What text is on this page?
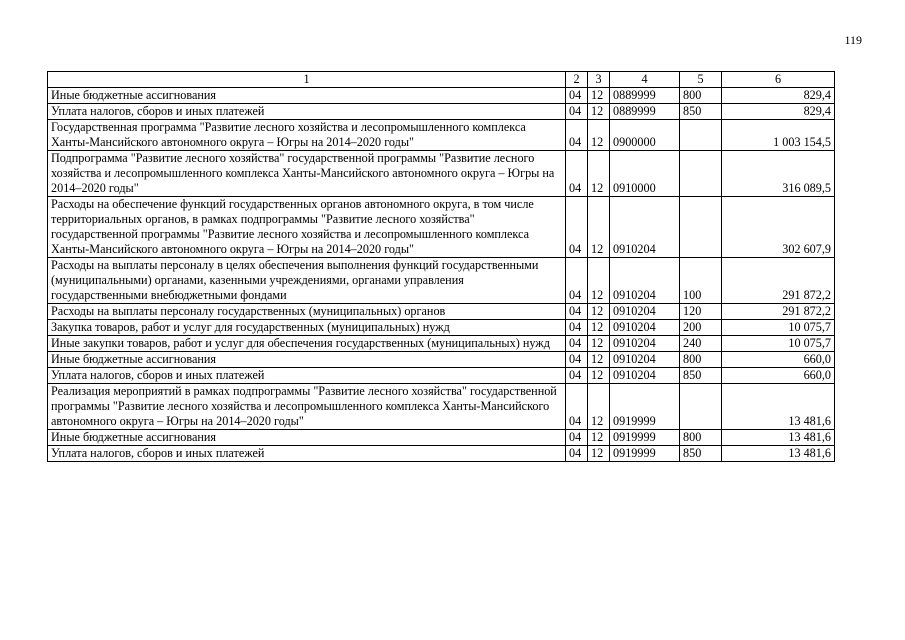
119
1	2	3	4	5	6
Иные бюджетные ассигнования	04	12	0889999	800	829,4
Уплата налогов, сборов и иных платежей	04	12	0889999	850	829,4
Государственная программа "Развитие лесного хозяйства и лесопромышленного комплекса Ханты-Мансийского автономного округа – Югры на 2014–2020 годы"	04	12	0900000		1 003 154,5
Подпрограмма "Развитие лесного хозяйства" государственной программы "Развитие лесного хозяйства и лесопромышленного комплекса Ханты-Мансийского автономного округа – Югры на 2014–2020 годы"	04	12	0910000		316 089,5
Расходы на обеспечение функций государственных органов автономного округа, в том числе территориальных органов, в рамках подпрограммы "Развитие лесного хозяйства" государственной программы "Развитие лесного хозяйства и лесопромышленного комплекса Ханты-Мансийского автономного округа – Югры на 2014–2020 годы"	04	12	0910204		302 607,9
Расходы на выплаты персоналу в целях обеспечения выполнения функций государственными (муниципальными) органами, казенными учреждениями, органами управления государственными внебюджетными фондами	04	12	0910204	100	291 872,2
Расходы на выплаты персоналу государственных (муниципальных) органов	04	12	0910204	120	291 872,2
Закупка товаров, работ и услуг для государственных (муниципальных) нужд	04	12	0910204	200	10 075,7
Иные закупки товаров, работ и услуг для обеспечения государственных (муниципальных) нужд	04	12	0910204	240	10 075,7
Иные бюджетные ассигнования	04	12	0910204	800	660,0
Уплата налогов, сборов и иных платежей	04	12	0910204	850	660,0
Реализация мероприятий в рамках подпрограммы "Развитие лесного хозяйства" государственной программы "Развитие лесного хозяйства и лесопромышленного комплекса Ханты-Мансийского автономного округа – Югры на 2014–2020 годы"	04	12	0919999		13 481,6
Иные бюджетные ассигнования	04	12	0919999	800	13 481,6
Уплата налогов, сборов и иных платежей	04	12	0919999	850	13 481,6
